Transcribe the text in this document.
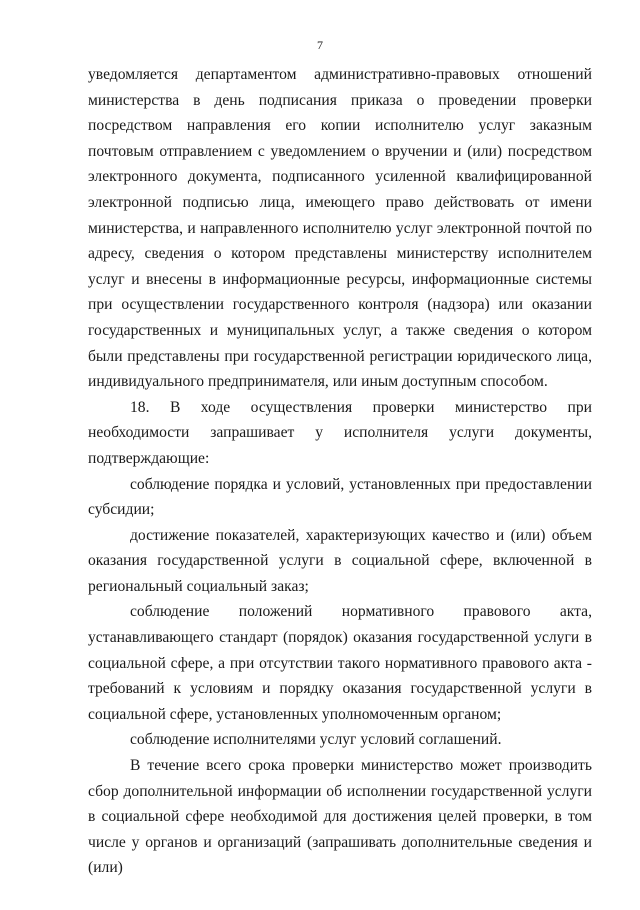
7

уведомляется департаментом административно-правовых отношений министерства в день подписания приказа о проведении проверки посредством направления его копии исполнителю услуг заказным почтовым отправлением с уведомлением о вручении и (или) посредством электронного документа, подписанного усиленной квалифицированной электронной подписью лица, имеющего право действовать от имени министерства, и направленного исполнителю услуг электронной почтой по адресу, сведения о котором представлены министерству исполнителем услуг и внесены в информационные ресурсы, информационные системы при осуществлении государственного контроля (надзора) или оказании государственных и муниципальных услуг, а также сведения о котором были представлены при государственной регистрации юридического лица, индивидуального предпринимателя, или иным доступным способом.

18. В ходе осуществления проверки министерство при необходимости запрашивает у исполнителя услуги документы, подтверждающие:

соблюдение порядка и условий, установленных при предоставлении субсидии;

достижение показателей, характеризующих качество и (или) объем оказания государственной услуги в социальной сфере, включенной в региональный социальный заказ;

соблюдение положений нормативного правового акта, устанавливающего стандарт (порядок) оказания государственной услуги в социальной сфере, а при отсутствии такого нормативного правового акта - требований к условиям и порядку оказания государственной услуги в социальной сфере, установленных уполномоченным органом;

соблюдение исполнителями услуг условий соглашений.

В течение всего срока проверки министерство может производить сбор дополнительной информации об исполнении государственной услуги в социальной сфере необходимой для достижения целей проверки, в том числе у органов и организаций (запрашивать дополнительные сведения и (или)
